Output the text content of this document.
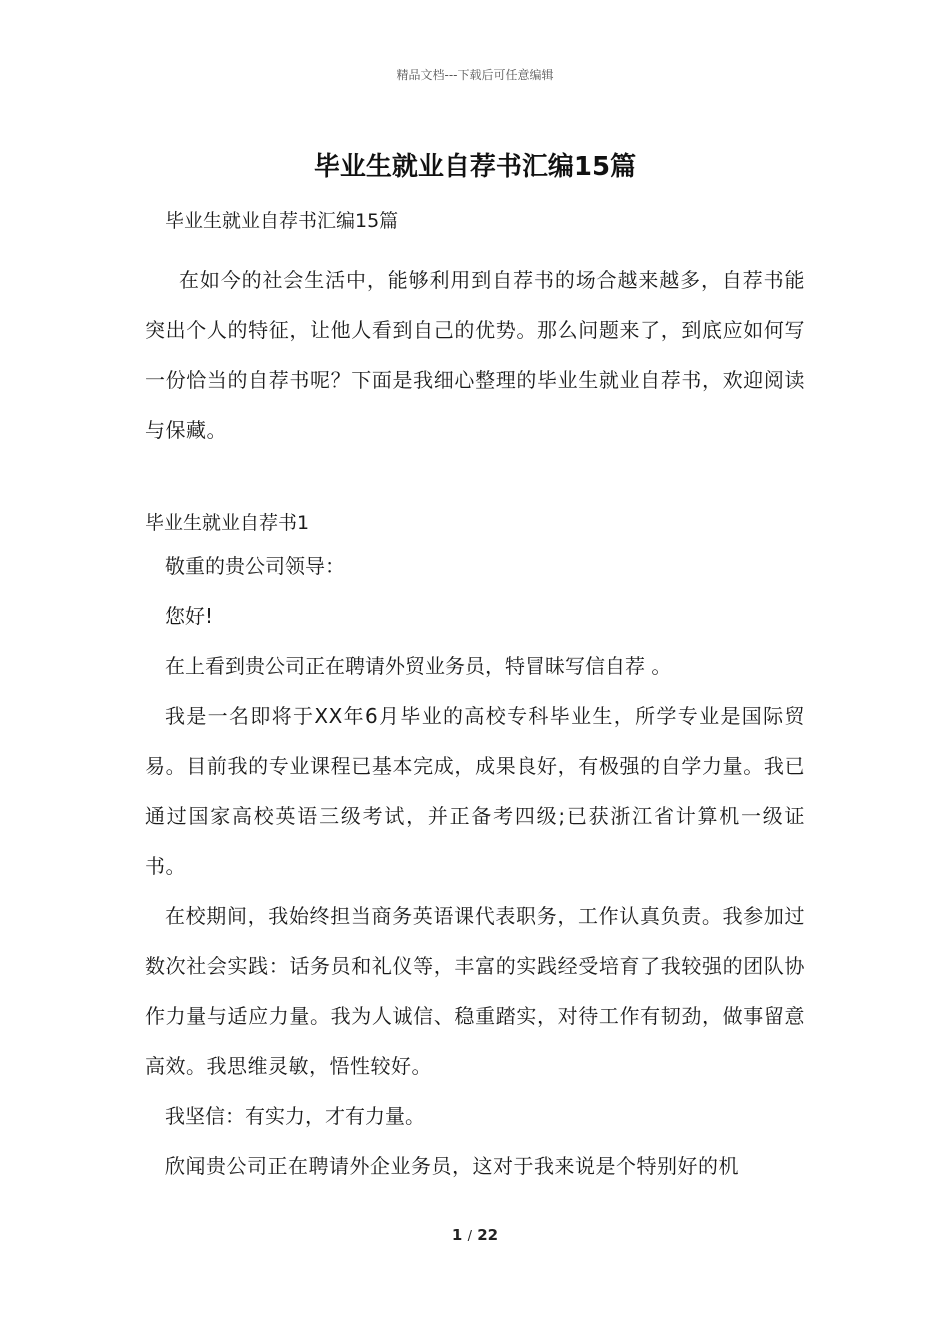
精品文档---下载后可任意编辑
毕业生就业自荐书汇编15篇

毕业生就业自荐书汇编15篇

在如今的社会生活中，能够利用到自荐书的场合越来越多，自荐书能突出个人的特征，让他人看到自己的优势。那么问题来了，到底应如何写一份恰当的自荐书呢？下面是我细心整理的毕业生就业自荐书，欢迎阅读与保藏。

毕业生就业自荐书1

敬重的贵公司领导：

您好!

在上看到贵公司正在聘请外贸业务员，特冒昧写信自荐 。

我是一名即将于XX年6月毕业的高校专科毕业生，所学专业是国际贸易。目前我的专业课程已基本完成，成果良好，有极强的自学力量。我已通过国家高校英语三级考试，并正备考四级;已获浙江省计算机一级证书。

在校期间，我始终担当商务英语课代表职务，工作认真负责。我参加过数次社会实践：话务员和礼仪等，丰富的实践经受培育了我较强的团队协作力量与适应力量。我为人诚信、稳重踏实，对待工作有韧劲，做事留意高效。我思维灵敏，悟性较好。

我坚信：有实力，才有力量。

欣闻贵公司正在聘请外企业务员，这对于我来说是个特别好的机

1 / 22
